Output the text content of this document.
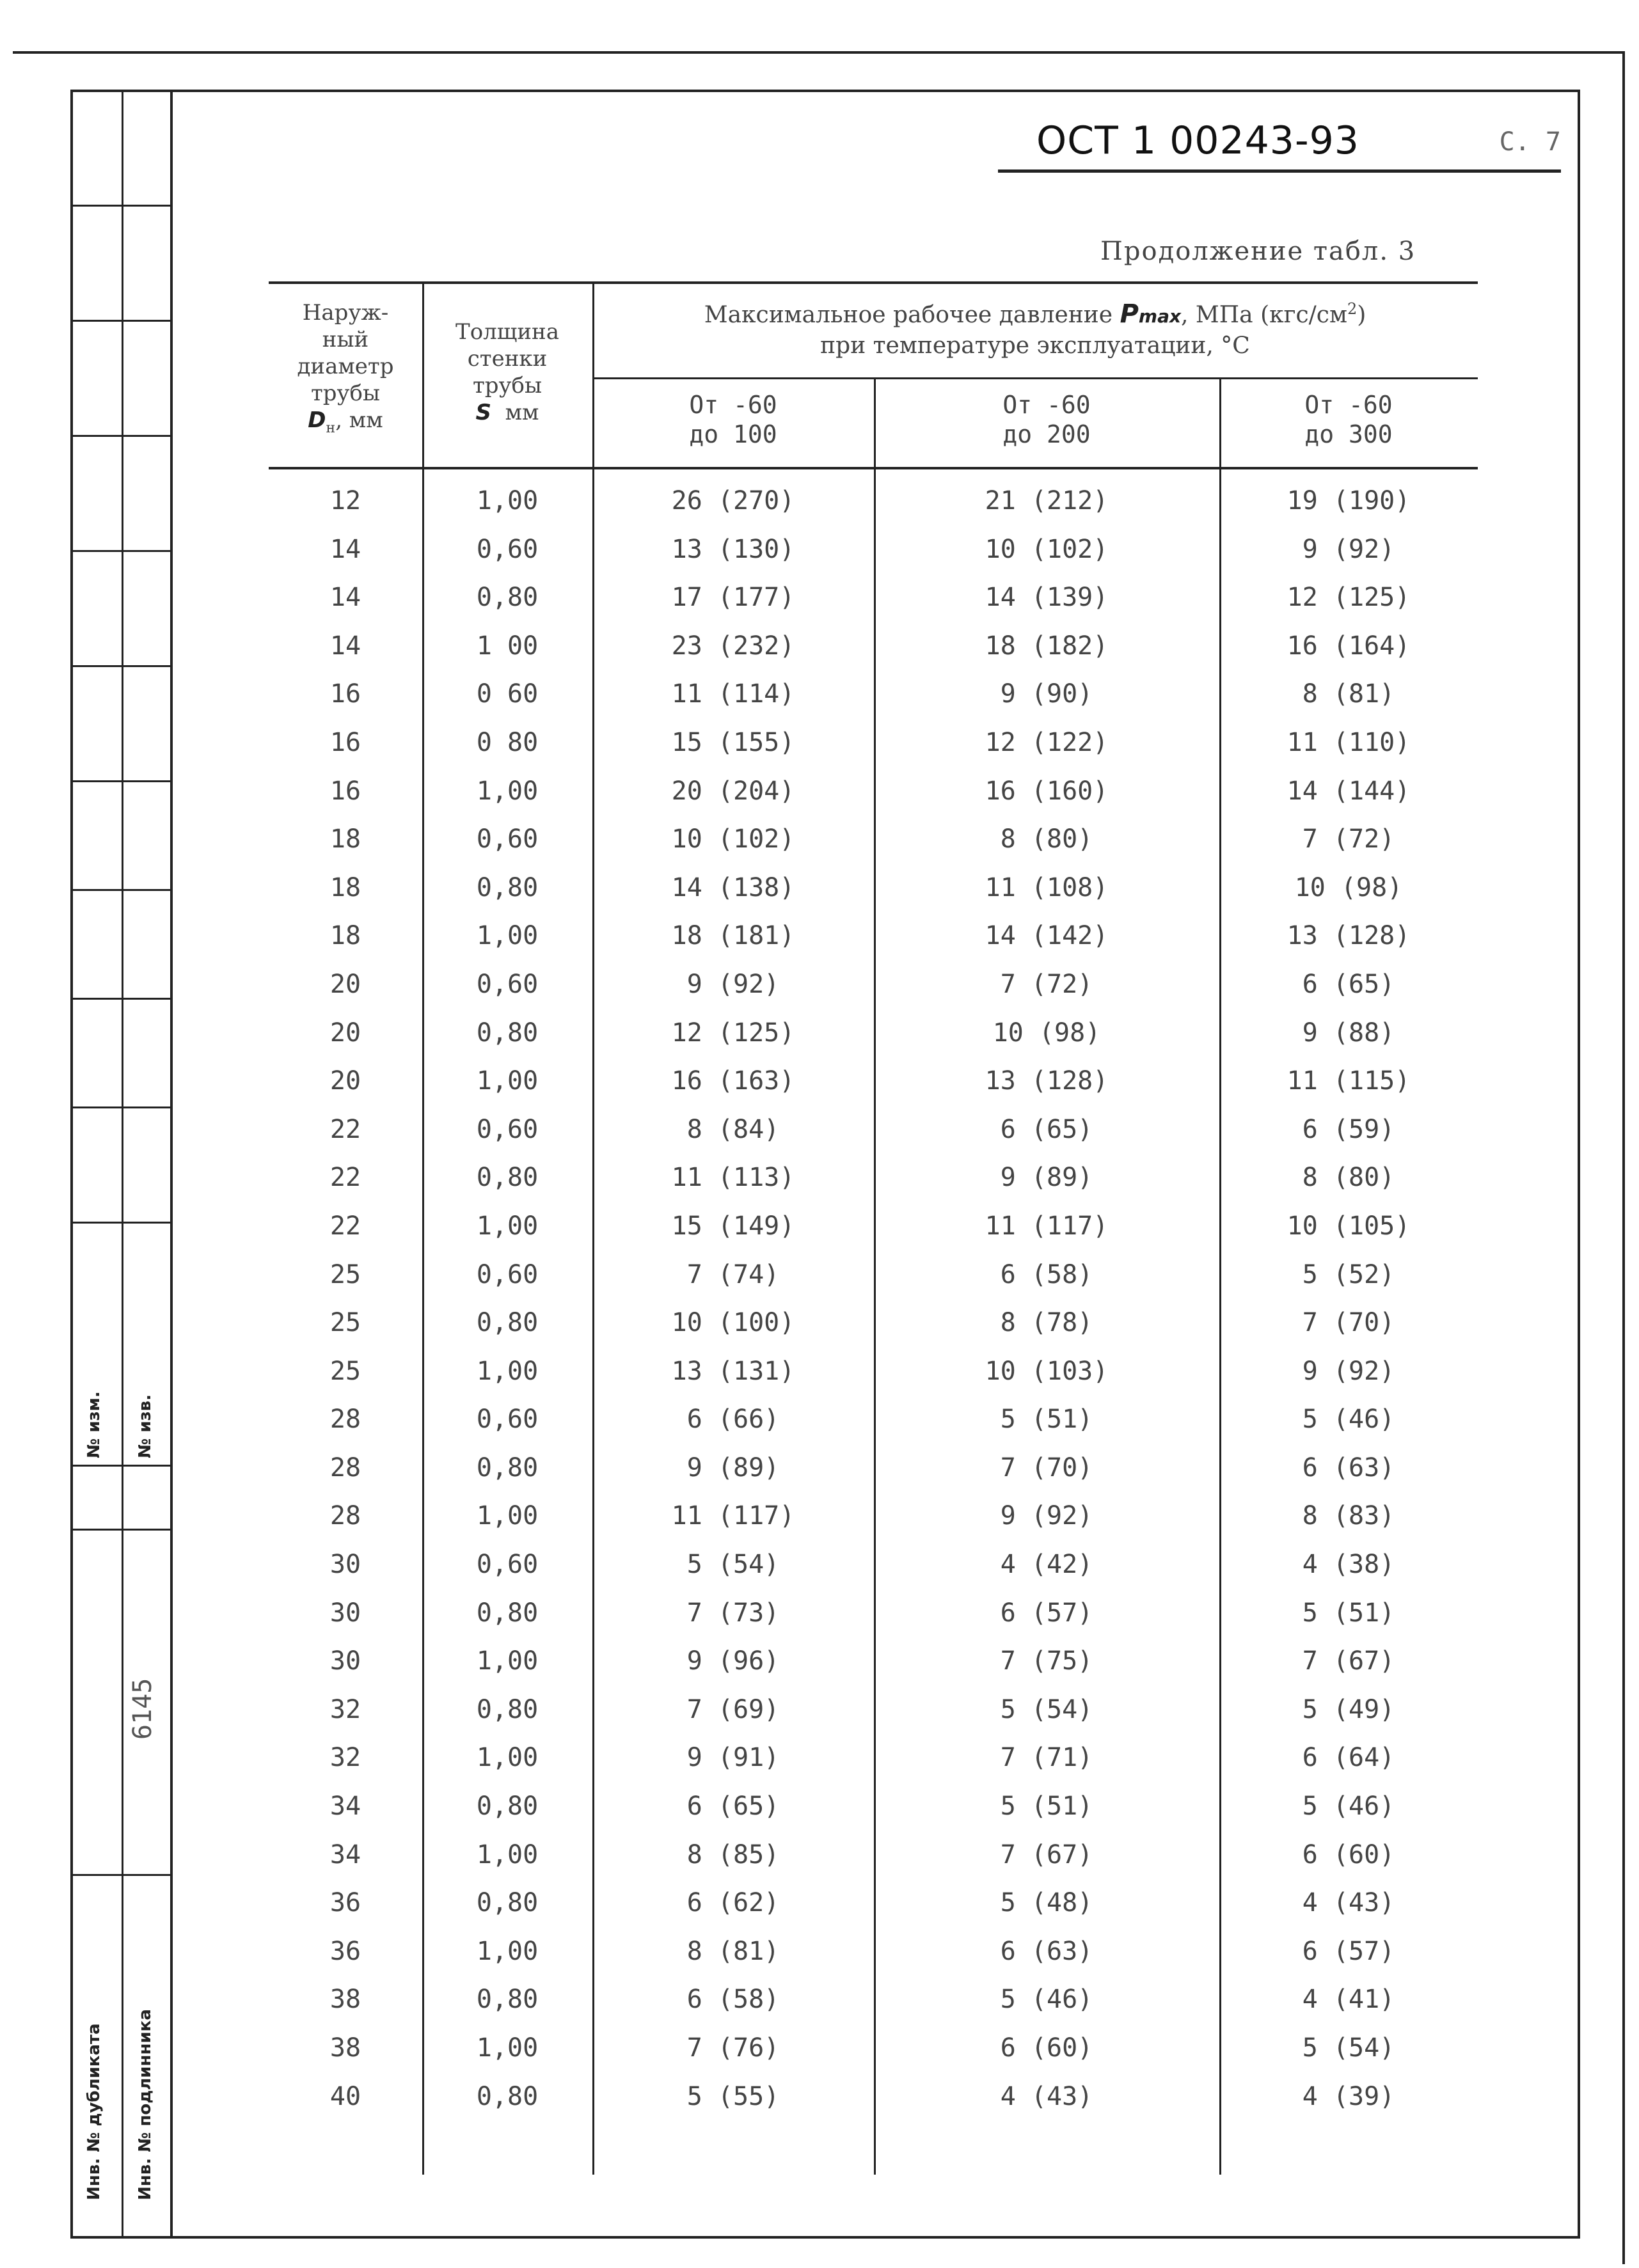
№ изм. № изв.
Инв. № дубликата Инв. № подлинника
6145
ОСТ 1 00243-93	С. 7
Продолжение табл. 3
Наруж-
ный
диаметр
трубы
$D_н$, мм
Толщина
стенки
трубы
S мм
Максимальное рабочее давление Pmax, МПа $(кгс/см^2)$
при температуре эксплуатации, °С
От -60
до 100
От -60
до 200
От -60
до 300
12	1,00	26 (270)	21 (212)	19 (190)
14	0,60	13 (130)	10 (102)	9 (92)
14	0,80	17 (177)	14 (139)	12 (125)
14	1 00	23 (232)	18 (182)	16 (164)
16	0 60	11 (114)	9 (90)	8 (81)
16	0 80	15 (155)	12 (122)	11 (110)
16	1,00	20 (204)	16 (160)	14 (144)
18	0,60	10 (102)	8 (80)	7 (72)
18	0,80	14 (138)	11 (108)	10 (98)
18	1,00	18 (181)	14 (142)	13 (128)
20	0,60	9 (92)	7 (72)	6 (65)
20	0,80	12 (125)	10 (98)	9 (88)
20	1,00	16 (163)	13 (128)	11 (115)
22	0,60	8 (84)	6 (65)	6 (59)
22	0,80	11 (113)	9 (89)	8 (80)
22	1,00	15 (149)	11 (117)	10 (105)
25	0,60	7 (74)	6 (58)	5 (52)
25	0,80	10 (100)	8 (78)	7 (70)
25	1,00	13 (131)	10 (103)	9 (92)
28	0,60	6 (66)	5 (51)	5 (46)
28	0,80	9 (89)	7 (70)	6 (63)
28	1,00	11 (117)	9 (92)	8 (83)
30	0,60	5 (54)	4 (42)	4 (38)
30	0,80	7 (73)	6 (57)	5 (51)
30	1,00	9 (96)	7 (75)	7 (67)
32	0,80	7 (69)	5 (54)	5 (49)
32	1,00	9 (91)	7 (71)	6 (64)
34	0,80	6 (65)	5 (51)	5 (46)
34	1,00	8 (85)	7 (67)	6 (60)
36	0,80	6 (62)	5 (48)	4 (43)
36	1,00	8 (81)	6 (63)	6 (57)
38	0,80	6 (58)	5 (46)	4 (41)
38	1,00	7 (76)	6 (60)	5 (54)
40	0,80	5 (55)	4 (43)	4 (39)
